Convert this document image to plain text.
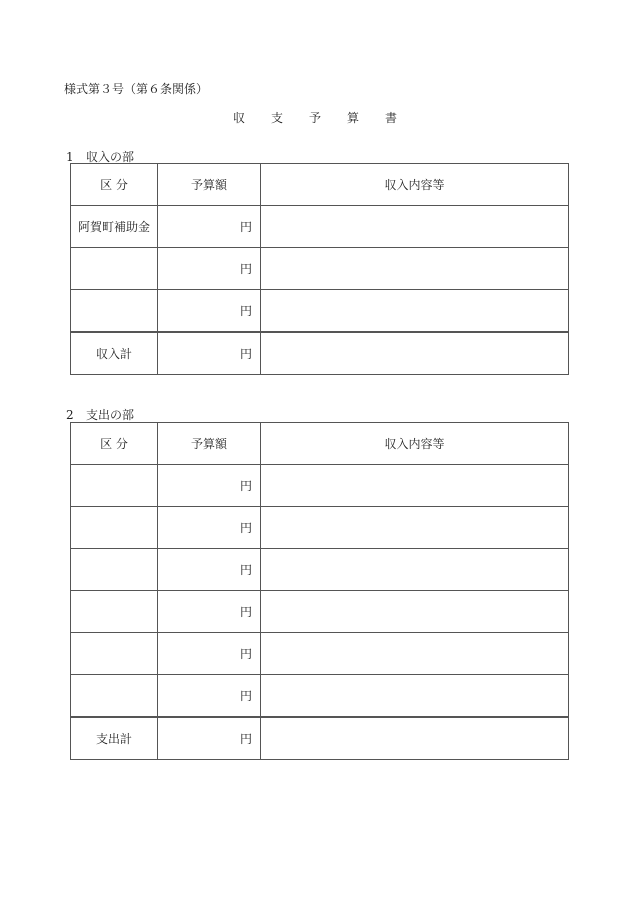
様式第３号（第６条関係）
収 支 予 算 書
1 収入の部
区 分	予算額	収入内容等
阿賀町補助金	円	
	円	
	円	
収入計	円	
2 支出の部
区 分	予算額	収入内容等
	円	
	円	
	円	
	円	
	円	
	円	
支出計	円	
